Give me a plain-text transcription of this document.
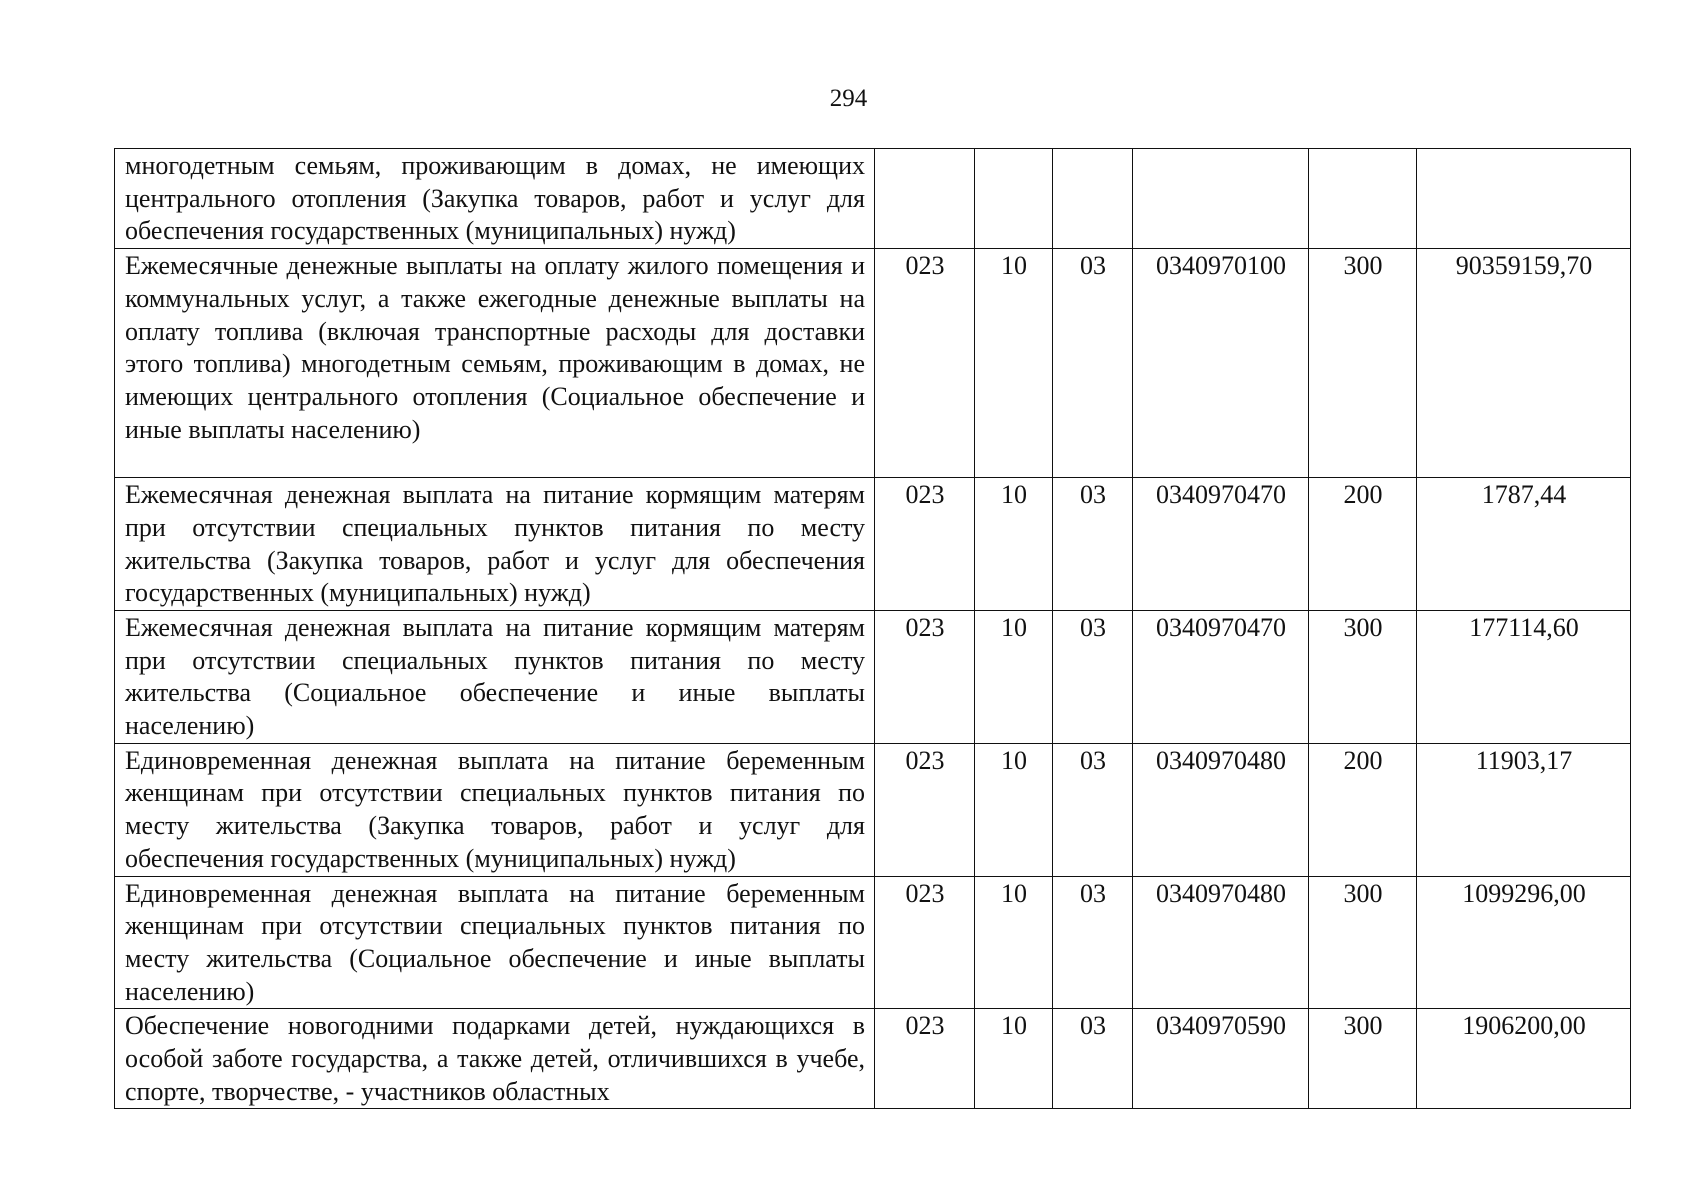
294
многодетным семьям, проживающим в домах, не имеющих центрального отопления (Закупка товаров, работ и услуг для обеспечения государственных (муниципальных) нужд)						
Ежемесячные денежные выплаты на оплату жилого помещения и коммунальных услуг, а также ежегодные денежные выплаты на оплату топлива (включая транспортные расходы для доставки этого топлива) многодетным семьям, проживающим в домах, не имеющих центрального отопления (Социальное обеспечение и иные выплаты населению)	023	10	03	0340970100	300	90359159,70
Ежемесячная денежная выплата на питание кормящим матерям при отсутствии специальных пунктов питания по месту жительства (Закупка товаров, работ и услуг для обеспечения государственных (муниципальных) нужд)	023	10	03	0340970470	200	1787,44
Ежемесячная денежная выплата на питание кормящим матерям при отсутствии специальных пунктов питания по месту жительства (Социальное обеспечение и иные выплаты населению)	023	10	03	0340970470	300	177114,60
Единовременная денежная выплата на питание беременным женщинам при отсутствии специальных пунктов питания по месту жительства (Закупка товаров, работ и услуг для обеспечения государственных (муниципальных) нужд)	023	10	03	0340970480	200	11903,17
Единовременная денежная выплата на питание беременным женщинам при отсутствии специальных пунктов питания по месту жительства (Социальное обеспечение и иные выплаты населению)	023	10	03	0340970480	300	1099296,00
Обеспечение новогодними подарками детей, нуждающихся в особой заботе государства, а также детей, отличившихся в учебе, спорте, творчестве, - участников областных	023	10	03	0340970590	300	1906200,00
